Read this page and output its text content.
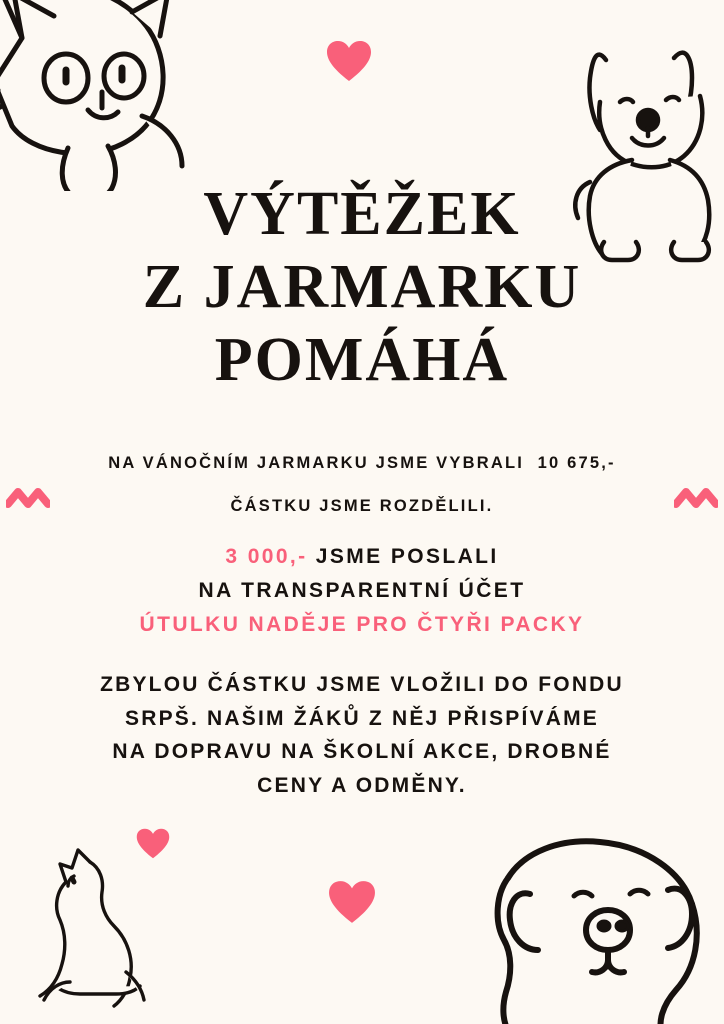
VÝTĚŽEK
Z JARMARKU
POMÁHÁ
NA VÁNOČNÍM JARMARKU JSME VYBRALI  10 675,-
ČÁSTKU JSME ROZDĚLILI.
3 000,- JSME POSLALI
NA TRANSPARENTNÍ ÚČET
ÚTULKU NADĚJE PRO ČTYŘI PACKY
ZBYLOU ČÁSTKU JSME VLOŽILI DO FONDU
SRPŠ. NAŠIM ŽÁKŮ Z NĚJ PŘISPÍVÁME
NA DOPRAVU NA ŠKOLNÍ AKCE, DROBNÉ
CENY A ODMĚNY.
